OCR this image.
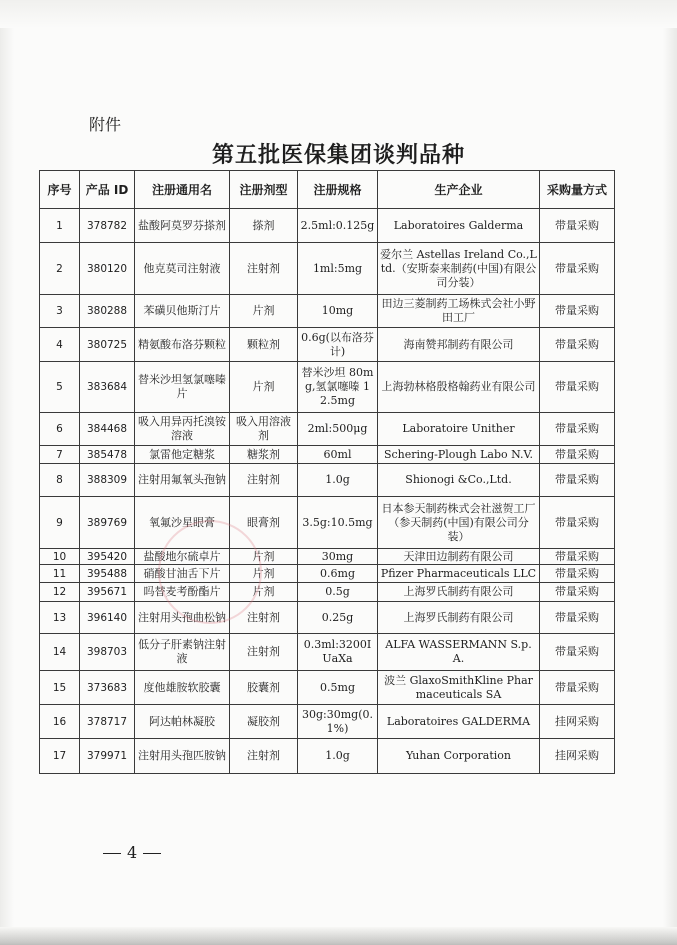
附件
第五批医保集团谈判品种
序号	产品 ID	注册通用名	注册剂型	注册规格	生产企业	采购量方式
1	378782	盐酸阿莫罗芬搽剂	搽剂	2.5ml:0.125g	Laboratoires Galderma	带量采购
2	380120	他克莫司注射液	注射剂	1ml:5mg	爱尔兰 Astellas Ireland Co.,Ltd.（安斯泰来制药(中国)有限公司分装）	带量采购
3	380288	苯磺贝他斯汀片	片剂	10mg	田边三菱制药工场株式会社小野田工厂	带量采购
4	380725	精氨酸布洛芬颗粒	颗粒剂	0.6g(以布洛芬计)	海南赞邦制药有限公司	带量采购
5	383684	替米沙坦氢氯噻嗪片	片剂	替米沙坦 80mg,氢氯噻嗪 12.5mg	上海勃林格殷格翰药业有限公司	带量采购
6	384468	吸入用异丙托溴铵溶液	吸入用溶液剂	2ml:500μg	Laboratoire Unither	带量采购
7	385478	氯雷他定糖浆	糖浆剂	60ml	Schering-Plough Labo N.V.	带量采购
8	388309	注射用氟氧头孢钠	注射剂	1.0g	Shionogi &Co.,Ltd.	带量采购
9	389769	氧氟沙星眼膏	眼膏剂	3.5g:10.5mg	日本参天制药株式会社滋贺工厂（参天制药(中国)有限公司分装）	带量采购
10	395420	盐酸地尔硫卓片	片剂	30mg	天津田边制药有限公司	带量采购
11	395488	硝酸甘油舌下片	片剂	0.6mg	Pfizer Pharmaceuticals LLC	带量采购
12	395671	吗替麦考酚酯片	片剂	0.5g	上海罗氏制药有限公司	带量采购
13	396140	注射用头孢曲松钠	注射剂	0.25g	上海罗氏制药有限公司	带量采购
14	398703	低分子肝素钠注射液	注射剂	0.3ml:3200IUaXa	ALFA WASSERMANN S.p.A.	带量采购
15	373683	度他雄胺软胶囊	胶囊剂	0.5mg	波兰 GlaxoSmithKline Pharmaceuticals SA	带量采购
16	378717	阿达帕林凝胶	凝胶剂	30g:30mg(0.1%)	Laboratoires GALDERMA	挂网采购
17	379971	注射用头孢匹胺钠	注射剂	1.0g	Yuhan Corporation	挂网采购
4
